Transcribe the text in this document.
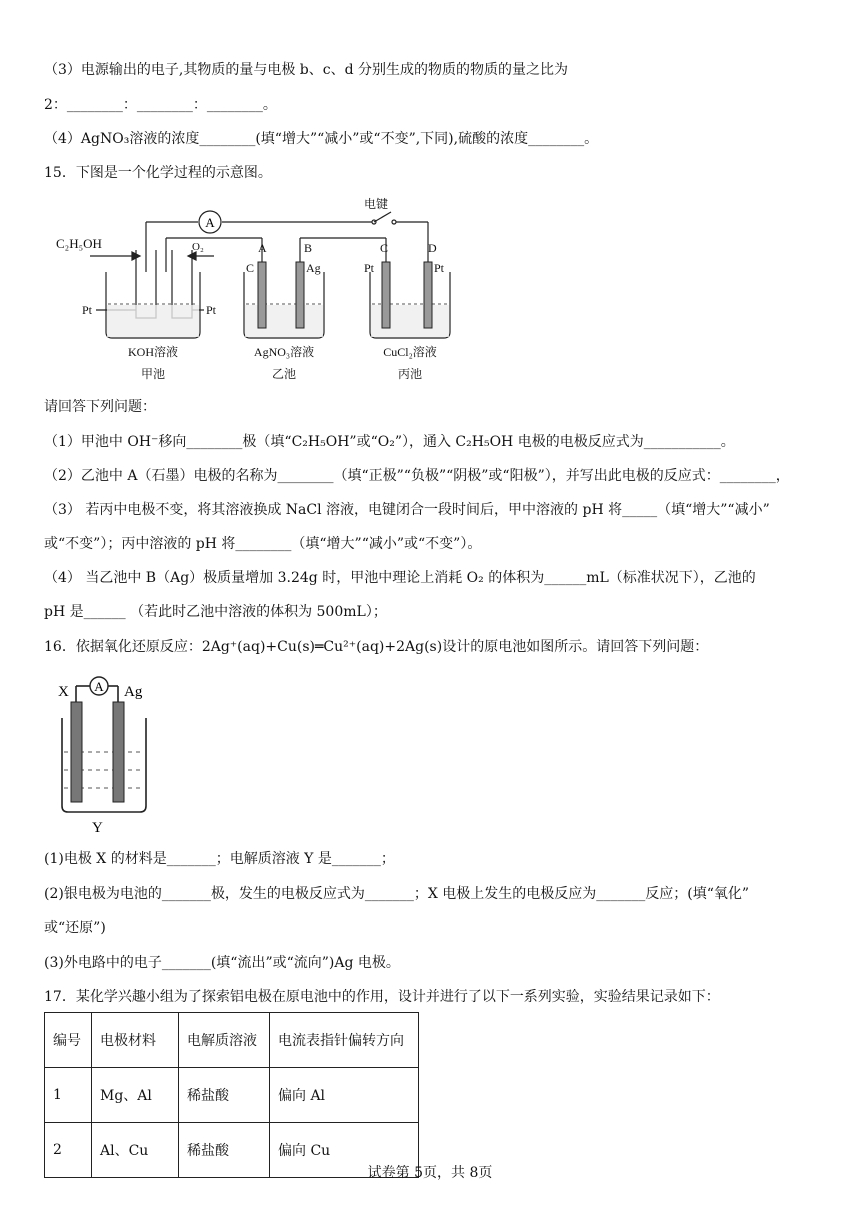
（3）电源输出的电子,其物质的量与电极 b、c、d 分别生成的物质的物质的量之比为
2：________：________：________。
（4）AgNO₃溶液的浓度________(填“增大”“减小”或“不变”,下同),硫酸的浓度________。
15．下图是一个化学过程的示意图。
A
电键
C₂H₅OH	O₂
Pt	Pt
A	B	C	D
C	Ag	Pt	Pt
KOH溶液	AgNO₃溶液	CuCl₂溶液
甲池	乙池	丙池
请回答下列问题：
（1）甲池中 OH⁻移向________极（填“C₂H₅OH”或“O₂”），通入 C₂H₅OH 电极的电极反应式为___________。
（2）乙池中 A（石墨）电极的名称为________（填“正极”“负极”“阴极”或“阳极”），并写出此电极的反应式：________，
（3） 若丙中电极不变，将其溶液换成 NaCl 溶液，电键闭合一段时间后，甲中溶液的 pH 将_____（填“增大”“减小”
或“不变”）；丙中溶液的 pH 将________（填“增大”“减小”或“不变”）。
（4） 当乙池中 B（Ag）极质量增加 3.24g 时，甲池中理论上消耗 O₂ 的体积为______mL（标准状况下），乙池的
pH 是______ （若此时乙池中溶液的体积为 500mL）；
16．依据氧化还原反应：2Ag⁺(aq)+Cu(s)═Cu²⁺(aq)+2Ag(s)设计的原电池如图所示。请回答下列问题：
A
X	Ag
Y
(1)电极 X 的材料是_______；电解质溶液 Y 是_______；
(2)银电极为电池的_______极，发生的电极反应式为_______；X 电极上发生的电极反应为_______反应；(填“氧化”
或“还原”)
(3)外电路中的电子_______(填“流出”或“流向”)Ag 电极。
17．某化学兴趣小组为了探索铝电极在原电池中的作用，设计并进行了以下一系列实验，实验结果记录如下：
编号	电极材料	电解质溶液	电流表指针偏转方向
1	Mg、Al	稀盐酸	偏向 Al
2	Al、Cu	稀盐酸	偏向 Cu
试卷第 5页，共 8页
